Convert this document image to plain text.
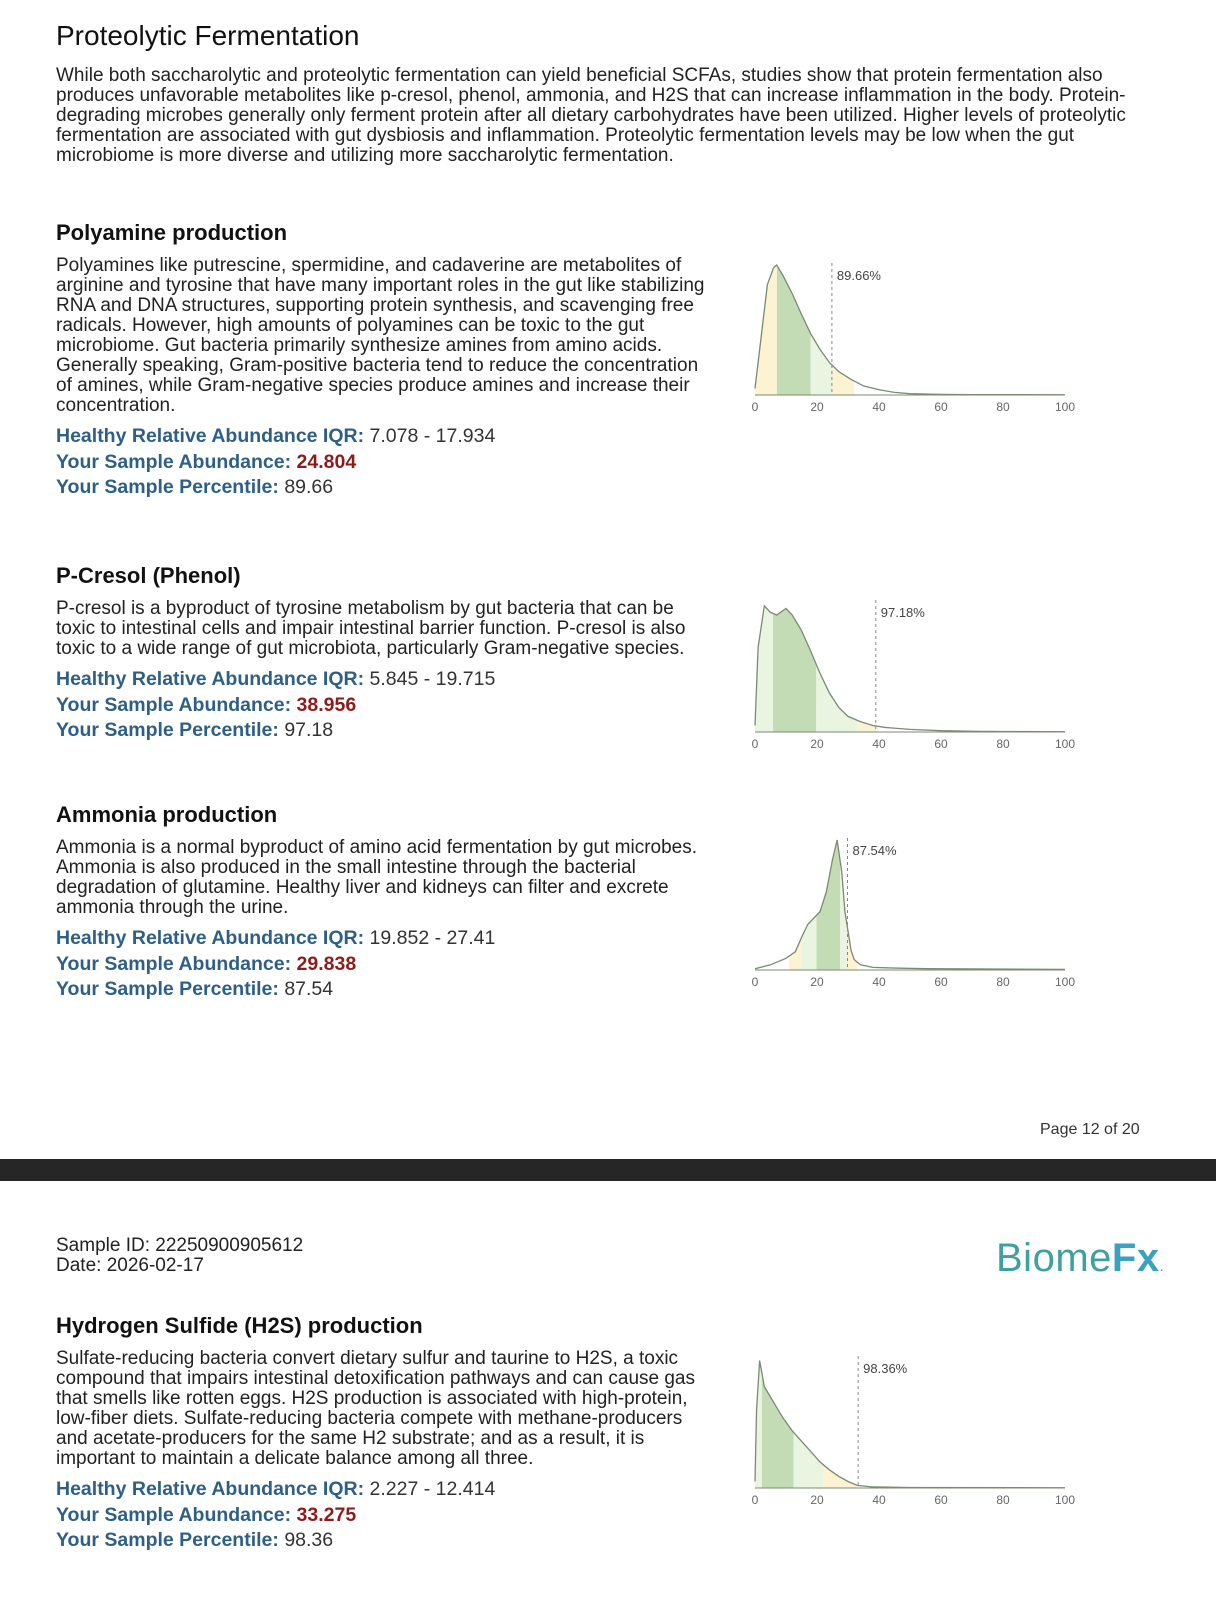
Proteolytic Fermentation

While both saccharolytic and proteolytic fermentation can yield beneficial SCFAs, studies show that protein fermentation also produces unfavorable metabolites like p-cresol, phenol, ammonia, and H2S that can increase inflammation in the body. Protein-degrading microbes generally only ferment protein after all dietary carbohydrates have been utilized. Higher levels of proteolytic fermentation are associated with gut dysbiosis and inflammation. Proteolytic fermentation levels may be low when the gut microbiome is more diverse and utilizing more saccharolytic fermentation.

Polyamine production

Polyamines like putrescine, spermidine, and cadaverine are metabolites of arginine and tyrosine that have many important roles in the gut like stabilizing RNA and DNA structures, supporting protein synthesis, and scavenging free radicals. However, high amounts of polyamines can be toxic to the gut microbiome. Gut bacteria primarily synthesize amines from amino acids. Generally speaking, Gram-positive bacteria tend to reduce the concentration of amines, while Gram-negative species produce amines and increase their concentration.

Healthy Relative Abundance IQR: 7.078 - 17.934
Your Sample Abundance: 24.804
Your Sample Percentile: 89.66
89.66%
0	20	40	60	80	100
P-Cresol (Phenol)

P-cresol is a byproduct of tyrosine metabolism by gut bacteria that can be toxic to intestinal cells and impair intestinal barrier function. P-cresol is also toxic to a wide range of gut microbiota, particularly Gram-negative species.

Healthy Relative Abundance IQR: 5.845 - 19.715
Your Sample Abundance: 38.956
Your Sample Percentile: 97.18
97.18%
0	20	40	60	80	100
Ammonia production

Ammonia is a normal byproduct of amino acid fermentation by gut microbes. Ammonia is also produced in the small intestine through the bacterial degradation of glutamine. Healthy liver and kidneys can filter and excrete ammonia through the urine.

Healthy Relative Abundance IQR: 19.852 - 27.41
Your Sample Abundance: 29.838
Your Sample Percentile: 87.54
87.54%
0	20	40	60	80	100
Page 12 of 20
Sample ID: 22250900905612
Date: 2026-02-17	BiomeFx.
Hydrogen Sulfide (H2S) production

Sulfate-reducing bacteria convert dietary sulfur and taurine to H2S, a toxic compound that impairs intestinal detoxification pathways and can cause gas that smells like rotten eggs. H2S production is associated with high-protein, low-fiber diets. Sulfate-reducing bacteria compete with methane-producers and acetate-producers for the same H2 substrate; and as a result, it is important to maintain a delicate balance among all three.

Healthy Relative Abundance IQR: 2.227 - 12.414
Your Sample Abundance: 33.275
Your Sample Percentile: 98.36
98.36%
0	20	40	60	80	100
